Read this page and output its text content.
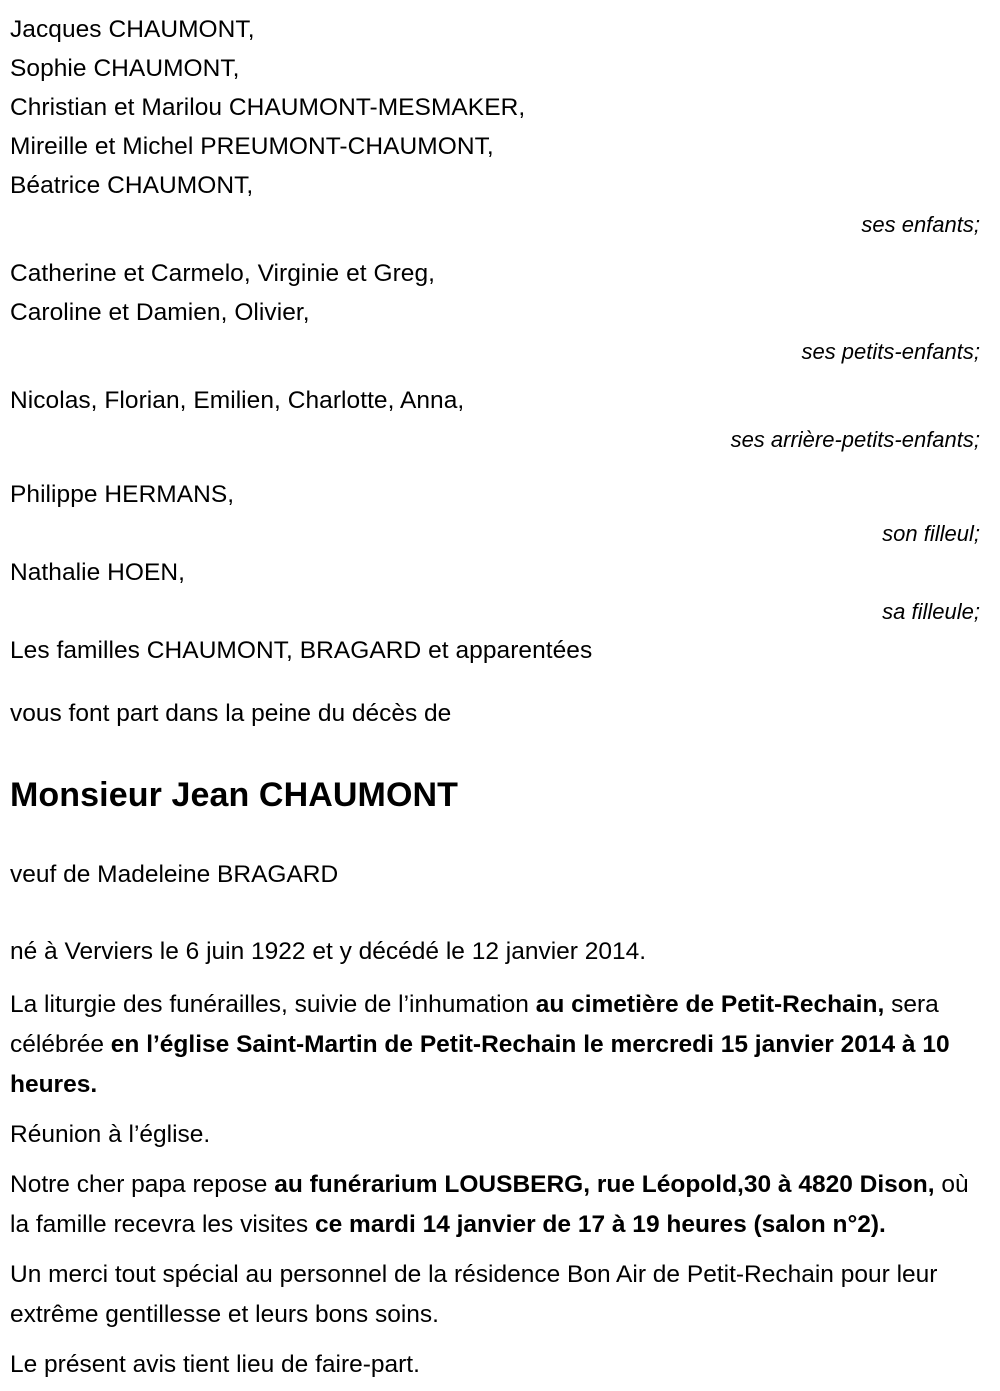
Jacques CHAUMONT,
Sophie CHAUMONT,
Christian et Marilou CHAUMONT-MESMAKER,
Mireille et Michel PREUMONT-CHAUMONT,
Béatrice CHAUMONT,
ses enfants;
Catherine et Carmelo, Virginie et Greg,
Caroline et Damien, Olivier,
ses petits-enfants;
Nicolas, Florian, Emilien, Charlotte, Anna,
ses arrière-petits-enfants;
Philippe HERMANS,
son filleul;
Nathalie HOEN,
sa filleule;
Les familles CHAUMONT, BRAGARD et apparentées
vous font part dans la peine du décès de
Monsieur Jean CHAUMONT
veuf de Madeleine BRAGARD
né à Verviers le 6 juin 1922 et y décédé le 12 janvier 2014.
La liturgie des funérailles, suivie de l’inhumation au cimetière de Petit-Rechain, sera célébrée en l’église Saint-Martin de Petit-Rechain le mercredi 15 janvier 2014 à 10 heures.
Réunion à l’église.
Notre cher papa repose au funérarium LOUSBERG, rue Léopold,30 à 4820 Dison, où la famille recevra les visites ce mardi 14 janvier de 17 à 19 heures (salon n°2).
Un merci tout spécial au personnel de la résidence Bon Air de Petit-Rechain pour leur extrême gentillesse et leurs bons soins.
Le présent avis tient lieu de faire-part.
